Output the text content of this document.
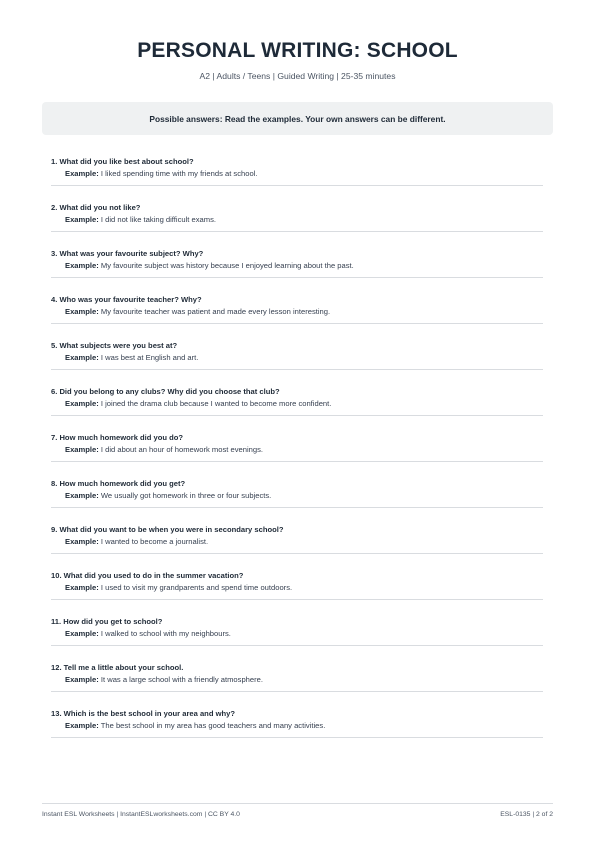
PERSONAL WRITING: SCHOOL
A2 | Adults / Teens | Guided Writing | 25-35 minutes
Possible answers: Read the examples. Your own answers can be different.
1. What did you like best about school?
Example: I liked spending time with my friends at school.
2. What did you not like?
Example: I did not like taking difficult exams.
3. What was your favourite subject? Why?
Example: My favourite subject was history because I enjoyed learning about the past.
4. Who was your favourite teacher? Why?
Example: My favourite teacher was patient and made every lesson interesting.
5. What subjects were you best at?
Example: I was best at English and art.
6. Did you belong to any clubs? Why did you choose that club?
Example: I joined the drama club because I wanted to become more confident.
7. How much homework did you do?
Example: I did about an hour of homework most evenings.
8. How much homework did you get?
Example: We usually got homework in three or four subjects.
9. What did you want to be when you were in secondary school?
Example: I wanted to become a journalist.
10. What did you used to do in the summer vacation?
Example: I used to visit my grandparents and spend time outdoors.
11. How did you get to school?
Example: I walked to school with my neighbours.
12. Tell me a little about your school.
Example: It was a large school with a friendly atmosphere.
13. Which is the best school in your area and why?
Example: The best school in my area has good teachers and many activities.
Instant ESL Worksheets | InstantESLworksheets.com | CC BY 4.0	ESL-0135 | 2 of 2
